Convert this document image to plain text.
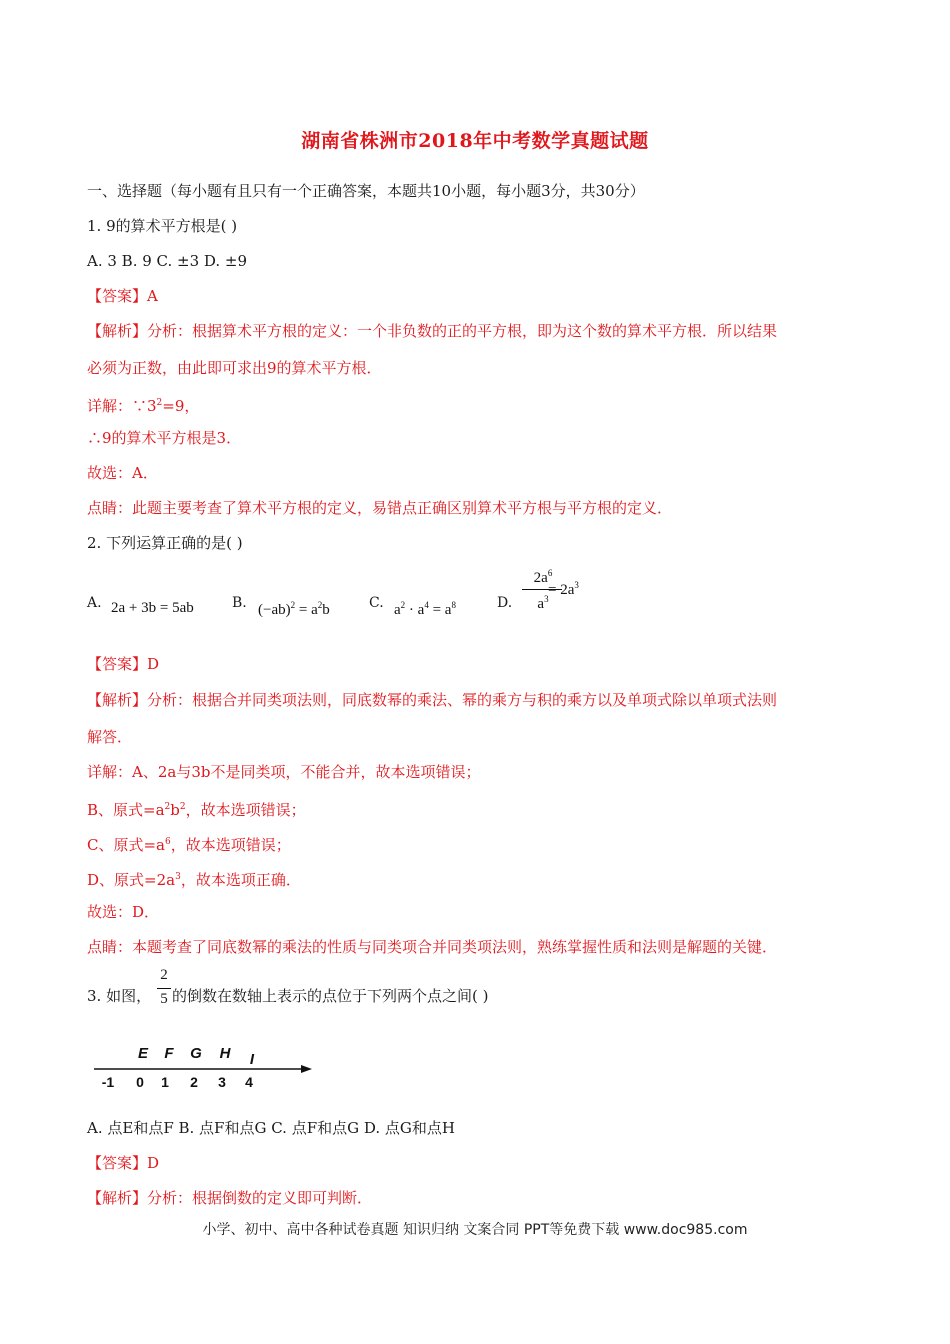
湖南省株洲市2018年中考数学真题试题
一、选择题（每小题有且只有一个正确答案，本题共10小题，每小题3分，共30分）
1. 9的算术平方根是( )
A. 3 B. 9 C. ±3 D. ±9
【答案】A
【解析】分析：根据算术平方根的定义：一个非负数的正的平方根，即为这个数的算术平方根．所以结果
必须为正数，由此即可求出9的算术平方根．
详解：$\because 3^2=9$，
∴9的算术平方根是3．
故选：A．
点睛：此题主要考查了算术平方根的定义，易错点正确区别算术平方根与平方根的定义．
2. 下列运算正确的是( )
A. 2a + 3b = 5ab	B. $(-ab)^2 = a^2b$	C. $a^2 \cdot a^4 = a^8$	D.
$2a^6$
$a^3$
= $2a^3$
【答案】D
【解析】分析：根据合并同类项法则，同底数幂的乘法、幂的乘方与积的乘方以及单项式除以单项式法则
解答．
详解：A、2a与3b不是同类项，不能合并，故本选项错误；
B、原式$=a^2b^2$，故本选项错误；
C、原式$=a^6$，故本选项错误；
D、原式$=2a^3$，故本选项正确．
故选：D．
点睛：本题考查了同底数幂的乘法的性质与同类项合并同类项法则，熟练掌握性质和法则是解题的关键．
3. 如图，
2
5 的倒数在数轴上表示的点位于下列两个点之间( )
E F G H I
-1 0 1 2 3 4
A. 点E和点F B. 点F和点G C. 点F和点G D. 点G和点H
【答案】D
【解析】分析：根据倒数的定义即可判断．
小学、初中、高中各种试卷真题 知识归纳 文案合同 PPT等免费下载 www.doc985.com
